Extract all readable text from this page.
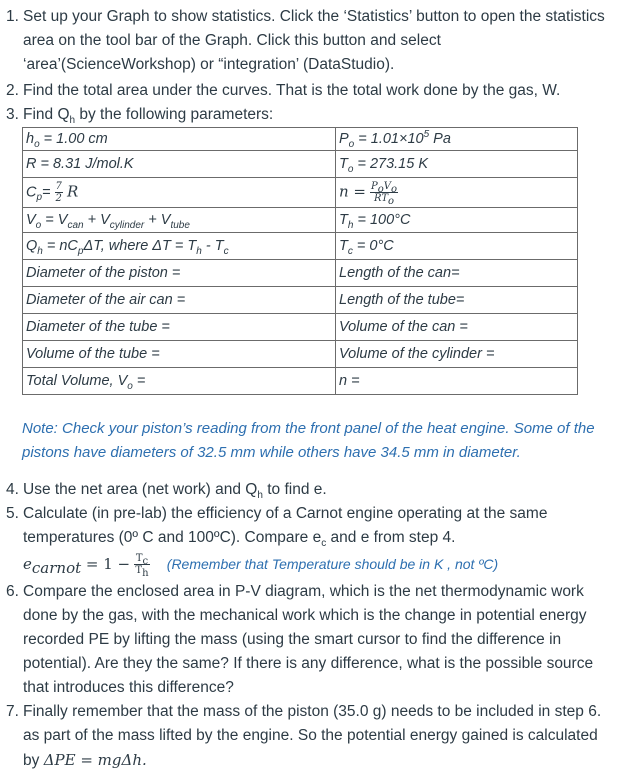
1. Set up your Graph to show statistics. Click the ‘Statistics’ button to open the statistics area on the tool bar of the Graph. Click this button and select ‘area’(ScienceWorkshop) or “integration’ (DataStudio).
2. Find the total area under the curves. That is the total work done by the gas, W.
3. Find $Q_h$ by the following parameters:
$h_o = 1.00$ cm	$P_o = 1.01\times 10^5$ Pa
R = 8.31 J/mol.K	$T_o = 273.15$ K
$C_p= \frac{7}{2}$ R	$n = \frac{P_oV_o}{RT_o}$

$V_o = V_{can} + V_{cylinder} + V_{tube}$	$T_h = 100^\circ C$
$Q_h = nC_p\Delta T$, where $\Delta T = T_h - T_c$	$T_c = 0^\circ C$
Diameter of the piston =	Length of the can=
Diameter of the air can =	Length of the tube=
Diameter of the tube =	Volume of the can =
Volume of the tube =	Volume of the cylinder =
Total Volume, $V_o$ =	n =
Note: Check your piston’s reading from the front panel of the heat engine. Some of the pistons have diameters of 32.5 mm while others have 34.5 mm in diameter.
4. Use the net area (net work) and $Q_h$ to find e.
5. Calculate (in pre-lab) the efficiency of a Carnot engine operating at the same temperatures (0º C and 100ºC). Compare $e_c$ and e from step 4.
$e_{carnot} = 1 - \frac{T_c}{T_h}$ (Remember that Temperature should be in K , not ºC)
6. Compare the enclosed area in P-V diagram, which is the net thermodynamic work done by the gas, with the mechanical work which is the change in potential energy recorded PE by lifting the mass (using the smart cursor to find the difference in potential). Are they the same? If there is any difference, what is the possible source that introduces this difference?
7. Finally remember that the mass of the piston (35.0 g) needs to be included in step 6. as part of the mass lifted by the engine. So the potential energy gained is calculated by ΔPE = mgΔh.
